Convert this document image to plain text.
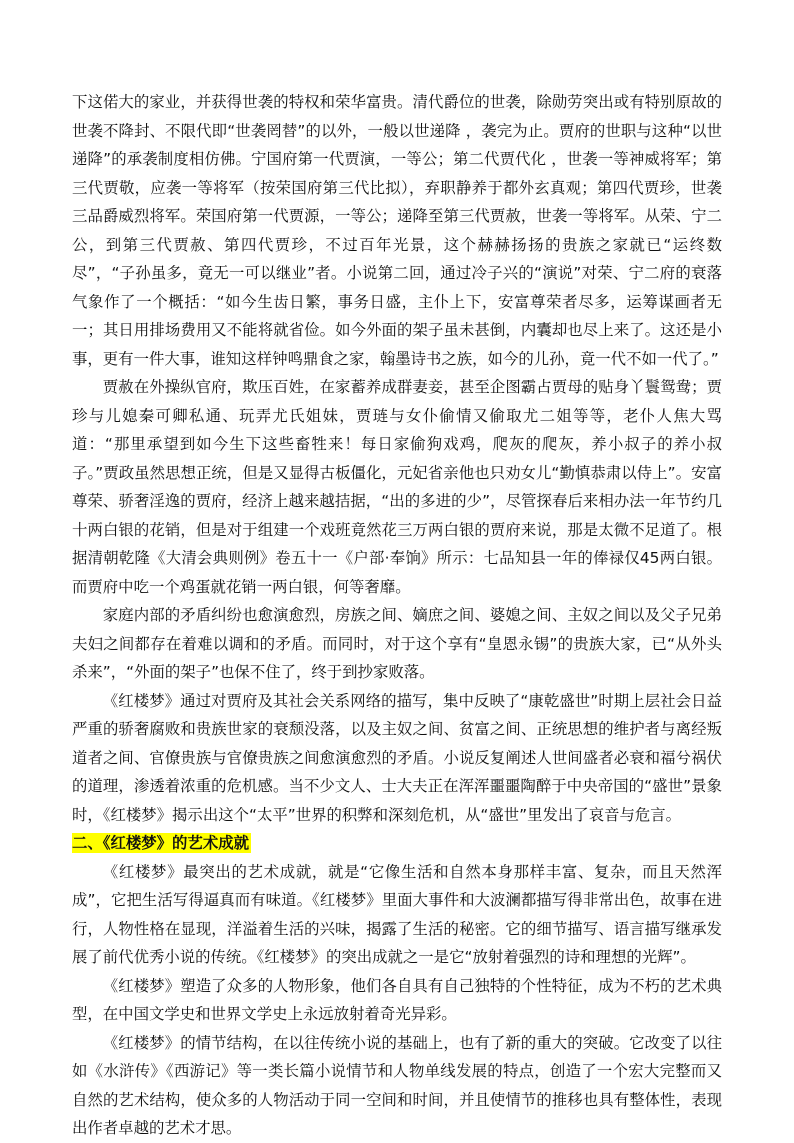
下这偌大的家业，并获得世袭的特权和荣华富贵。清代爵位的世袭，除勋劳突出或有特别原故的世袭不降封、不限代即“世袭罔替”的以外，一般以世递降 ，袭完为止。贾府的世职与这种“以世递降”的承袭制度相仿佛。宁国府第一代贾演，一等公；第二代贾代化 ，世袭一等神威将军；第三代贾敬，应袭一等将军（按荣国府第三代比拟），弃职静养于都外玄真观；第四代贾珍，世袭三品爵威烈将军。荣国府第一代贾源，一等公；递降至第三代贾赦，世袭一等将军。从荣、宁二公，到第三代贾赦、第四代贾珍，不过百年光景，这个赫赫扬扬的贵族之家就已“运终数尽”，“子孙虽多，竟无一可以继业”者。小说第二回，通过冷子兴的“演说”对荣、宁二府的衰落气象作了一个概括：“如今生齿日繁，事务日盛，主仆上下，安富尊荣者尽多，运筹谋画者无一；其日用排场费用又不能将就省俭。如今外面的架子虽未甚倒，内囊却也尽上来了。这还是小事，更有一件大事，谁知这样钟鸣鼎食之家，翰墨诗书之族，如今的儿孙，竟一代不如一代了。”

贾赦在外操纵官府，欺压百姓，在家蓄养成群妻妾，甚至企图霸占贾母的贴身丫鬟鸳鸯；贾珍与儿媳秦可卿私通、玩弄尤氏姐妹，贾琏与女仆偷情又偷取尤二姐等等，老仆人焦大骂道：“那里承望到如今生下这些畜牲来！每日家偷狗戏鸡，爬灰的爬灰，养小叔子的养小叔子。”贾政虽然思想正统，但是又显得古板僵化，元妃省亲他也只劝女儿“勤慎恭肃以侍上”。安富尊荣、骄奢淫逸的贾府，经济上越来越拮据，“出的多进的少”，尽管探春后来相办法一年节约几十两白银的花销，但是对于组建一个戏班竟然花三万两白银的贾府来说，那是太微不足道了。根据清朝乾隆《大清会典则例》卷五十一《户部·奉饷》所示：七品知县一年的俸禄仅45两白银。而贾府中吃一个鸡蛋就花销一两白银，何等奢靡。

家庭内部的矛盾纠纷也愈演愈烈，房族之间、嫡庶之间、婆媳之间、主奴之间以及父子兄弟夫妇之间都存在着难以调和的矛盾。而同时，对于这个享有“皇恩永锡”的贵族大家，已“从外头杀来”，“外面的架子”也保不住了，终于到抄家败落。

《红楼梦》通过对贾府及其社会关系网络的描写，集中反映了“康乾盛世”时期上层社会日益严重的骄奢腐败和贵族世家的衰颓没落，以及主奴之间、贫富之间、正统思想的维护者与离经叛道者之间、官僚贵族与官僚贵族之间愈演愈烈的矛盾。小说反复阐述人世间盛者必衰和福兮祸伏的道理，渗透着浓重的危机感。当不少文人、士大夫正在浑浑噩噩陶醉于中央帝国的“盛世”景象时，《红楼梦》揭示出这个“太平”世界的积弊和深刻危机，从“盛世”里发出了哀音与危言。

二、《红楼梦》的艺术成就

《红楼梦》最突出的艺术成就，就是“它像生活和自然本身那样丰富、复杂，而且天然浑成”，它把生活写得逼真而有味道。《红楼梦》里面大事件和大波澜都描写得非常出色，故事在进行，人物性格在显现，洋溢着生活的兴味，揭露了生活的秘密。它的细节描写、语言描写继承发展了前代优秀小说的传统。《红楼梦》的突出成就之一是它“放射着强烈的诗和理想的光辉”。

《红楼梦》塑造了众多的人物形象，他们各自具有自己独特的个性特征，成为不朽的艺术典型，在中国文学史和世界文学史上永远放射着奇光异彩。

《红楼梦》的情节结构，在以往传统小说的基础上，也有了新的重大的突破。它改变了以往如《水浒传》《西游记》等一类长篇小说情节和人物单线发展的特点，创造了一个宏大完整而又自然的艺术结构，使众多的人物活动于同一空间和时间，并且使情节的推移也具有整体性，表现出作者卓越的艺术才思。
